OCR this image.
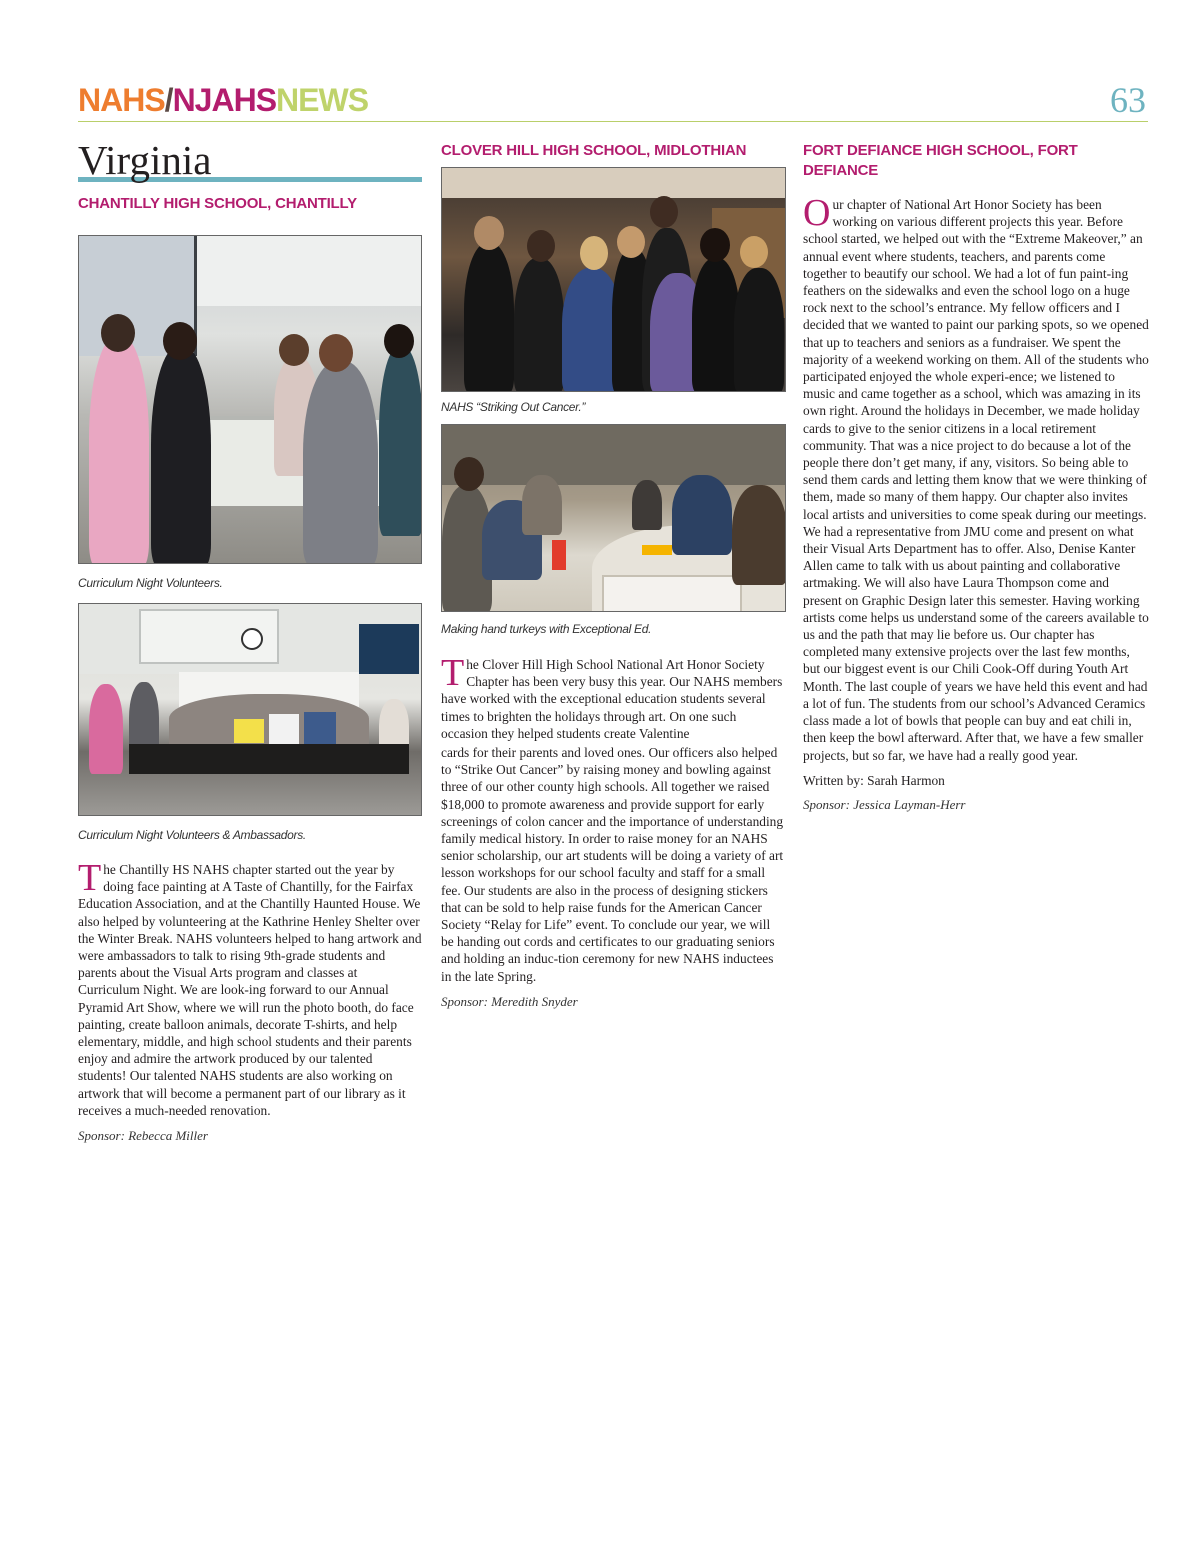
NAHS/NJAHSNEWS	63
Virginia
CHANTILLY HIGH SCHOOL, CHANTILLY
Curriculum Night Volunteers.
Curriculum Night Volunteers & Ambassadors.
The Chantilly HS NAHS chapter started out the year by doing face painting at A Taste of Chantilly, for the Fairfax Education Association, and at the Chantilly Haunted House. We also helped by volunteering at the Kathrine Henley Shelter over the Winter Break. NAHS volunteers helped to hang artwork and were ambassadors to talk to rising 9th-grade students and parents about the Visual Arts program and classes at Curriculum Night. We are look-ing forward to our Annual Pyramid Art Show, where we will run the photo booth, do face painting, create balloon animals, decorate T-shirts, and help elementary, middle, and high school students and their parents enjoy and admire the artwork produced by our talented students! Our talented NAHS students are also working on artwork that will become a permanent part of our library as it receives a much-needed renovation.
Sponsor: Rebecca Miller
CLOVER HILL HIGH SCHOOL, MIDLOTHIAN
NAHS “Striking Out Cancer.”
Making hand turkeys with Exceptional Ed.
The Clover Hill High School National Art Honor Society Chapter has been very busy this year. Our NAHS members have worked with the exceptional education students several times to brighten the holidays through art. On one such occasion they helped students create Valentine
cards for their parents and loved ones. Our officers also helped to “Strike Out Cancer” by raising money and bowling against three of our other county high schools. All together we raised $18,000 to promote awareness and provide support for early screenings of colon cancer and the importance of understanding family medical history. In order to raise money for an NAHS senior scholarship, our art students will be doing a variety of art lesson workshops for our school faculty and staff for a small fee. Our students are also in the process of designing stickers that can be sold to help raise funds for the American Cancer Society “Relay for Life” event. To conclude our year, we will be handing out cords and certificates to our graduating seniors and holding an induc-tion ceremony for new NAHS inductees in the late Spring.
Sponsor: Meredith Snyder
FORT DEFIANCE HIGH SCHOOL, FORT DEFIANCE
Our chapter of National Art Honor Society has been working on various different projects this year. Before school started, we helped out with the “Extreme Makeover,” an annual event where students, teachers, and parents come together to beautify our school. We had a lot of fun paint-ing feathers on the sidewalks and even the school logo on a huge rock next to the school’s entrance. My fellow officers and I decided that we wanted to paint our parking spots, so we opened that up to teachers and seniors as a fundraiser. We spent the majority of a weekend working on them. All of the students who participated enjoyed the whole experi-ence; we listened to music and came together as a school, which was amazing in its own right. Around the holidays in December, we made holiday cards to give to the senior citizens in a local retirement community. That was a nice project to do because a lot of the people there don’t get many, if any, visitors. So being able to send them cards and letting them know that we were thinking of them, made so many of them happy. Our chapter also invites local artists and universities to come speak during our meetings. We had a representative from JMU come and present on what their Visual Arts Department has to offer. Also, Denise Kanter Allen came to talk with us about painting and collaborative artmaking. We will also have Laura Thompson come and present on Graphic Design later this semester. Having working artists come helps us understand some of the careers available to us and the path that may lie before us. Our chapter has completed many extensive projects over the last few months, but our biggest event is our Chili Cook-Off during Youth Art Month. The last couple of years we have held this event and had a lot of fun. The students from our school’s Advanced Ceramics class made a lot of bowls that people can buy and eat chili in, then keep the bowl afterward. After that, we have a few smaller projects, but so far, we have had a really good year.
Written by: Sarah Harmon
Sponsor: Jessica Layman-Herr
